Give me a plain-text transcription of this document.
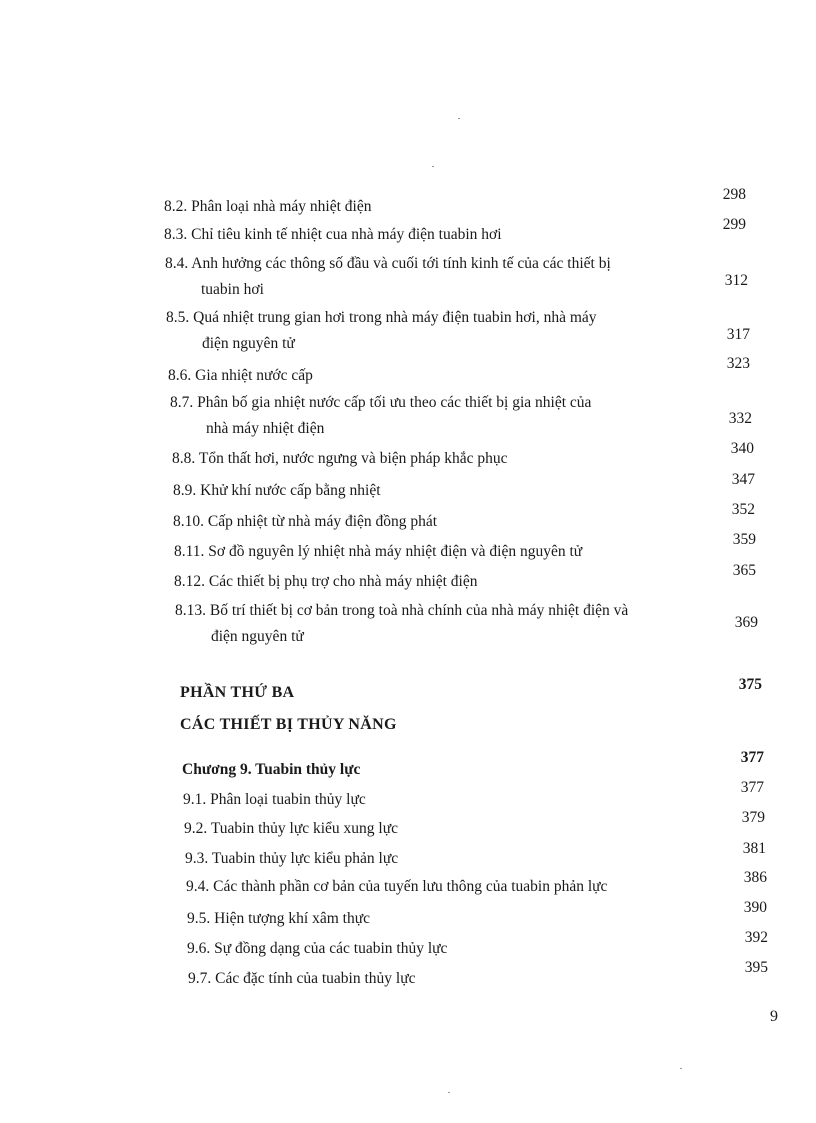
8.2. Phân loại nhà máy nhiệt điện
298
8.3. Chỉ tiêu kinh tế nhiệt cua nhà máy điện tuabin hơi
299
8.4. Anh hưởng các thông số đầu và cuối tới tính kinh tế của các thiết bị
tuabin hơi
312
8.5. Quá nhiệt trung gian hơi trong nhà máy điện tuabin hơi, nhà máy
điện nguyên tử
317
8.6. Gia nhiệt nước cấp
323
8.7. Phân bố gia nhiệt nước cấp tối ưu theo các thiết bị gia nhiệt của
nhà máy nhiệt điện
332
8.8. Tổn thất hơi, nước ngưng và biện pháp khắc phục
340
8.9. Khử khí nước cấp bằng nhiệt
347
8.10. Cấp nhiệt từ nhà máy điện đồng phát
352
8.11. Sơ đồ nguyên lý nhiệt nhà máy nhiệt điện và điện nguyên tử
359
8.12. Các thiết bị phụ trợ cho nhà máy nhiệt điện
365
8.13. Bố trí thiết bị cơ bản trong toà nhà chính của nhà máy nhiệt điện và
điện nguyên tử
369
PHẦN THỨ BA	375
CÁC THIẾT BỊ THỦY NĂNG
Chương 9. Tuabin thủy lực
377
9.1. Phân loại tuabin thủy lực
377
9.2. Tuabin thủy lực kiểu xung lực
379
9.3. Tuabin thủy lực kiểu phản lực
381
9.4. Các thành phần cơ bản của tuyến lưu thông của tuabin phản lực
386
9.5. Hiện tượng khí xâm thực
390
9.6. Sự đồng dạng của các tuabin thủy lực
392
9.7. Các đặc tính của tuabin thủy lực
395
9
